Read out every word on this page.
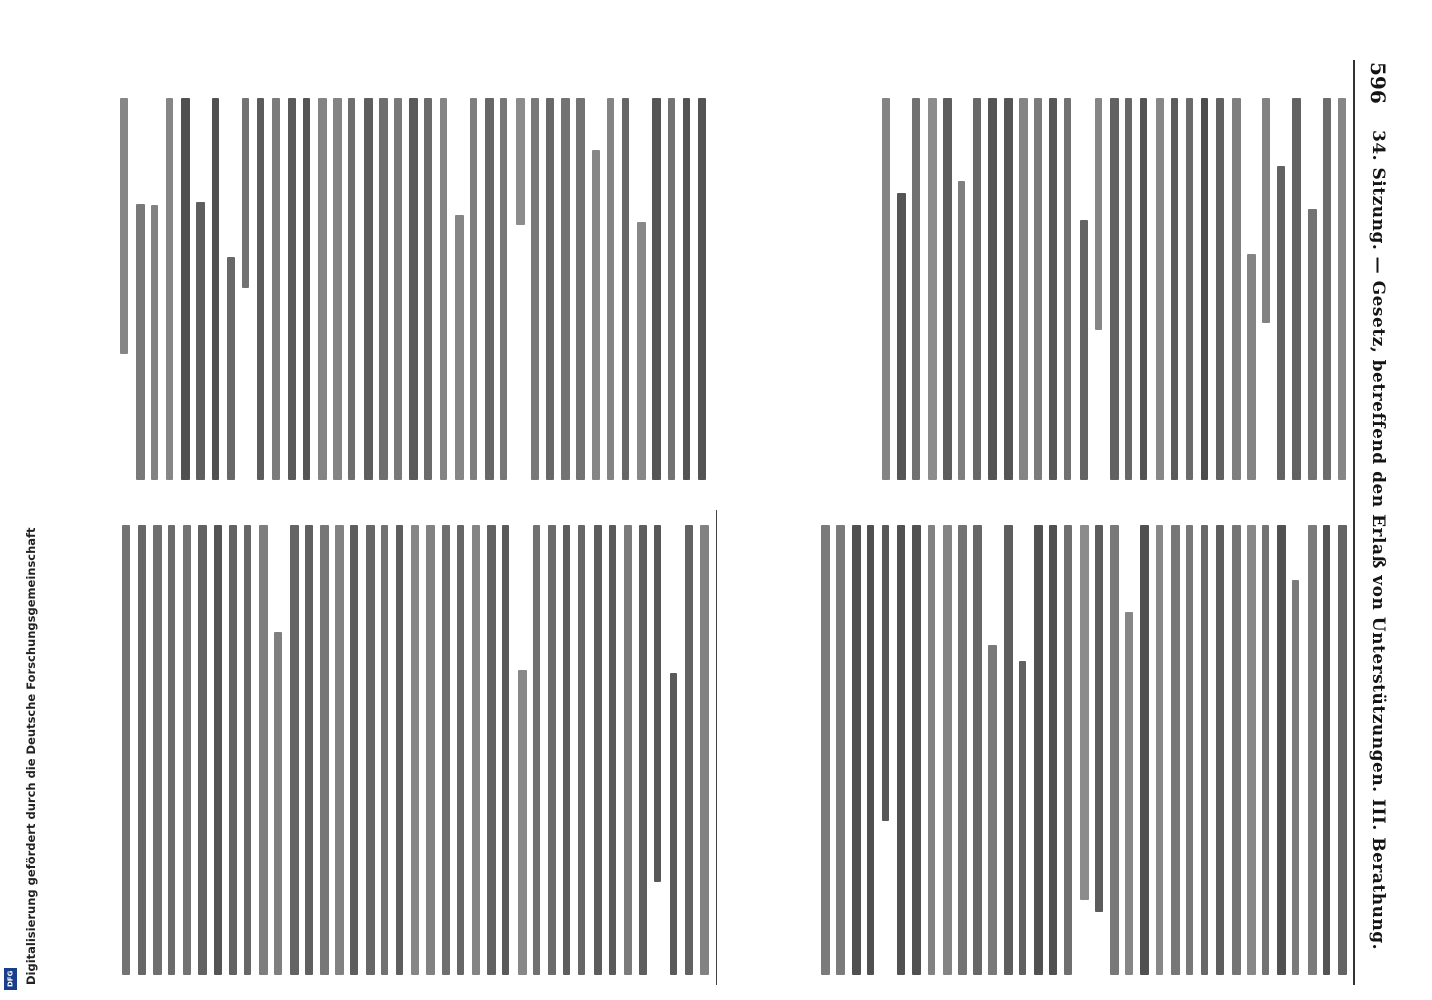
596
34. Sitzung. — Gesetz, betreffend den Erlaß von Unterstützungen. III. Berathung.
Digitalisierung gefördert durch die Deutsche Forschungsgemeinschaft
DFG
